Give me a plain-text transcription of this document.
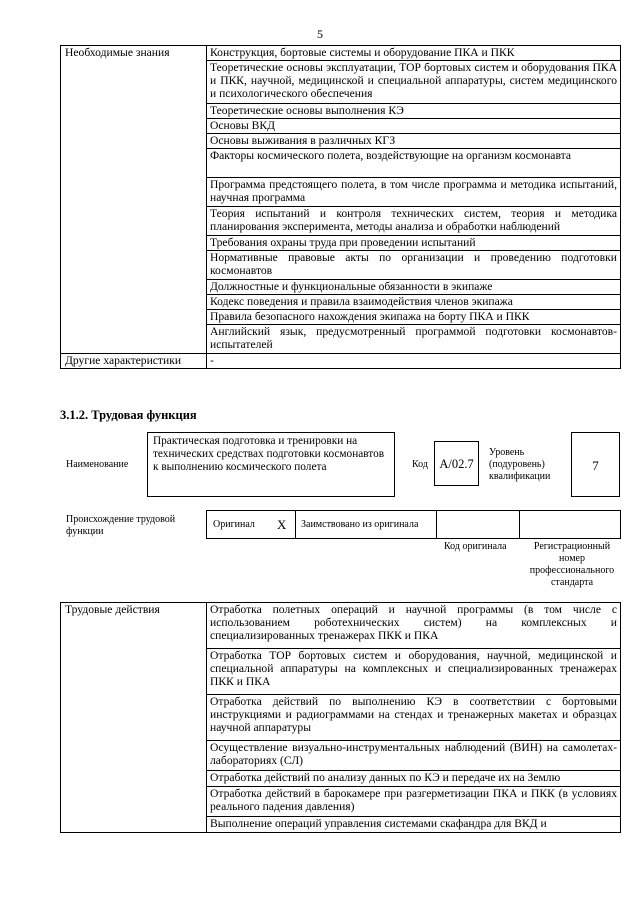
5
Необходимые знания	Конструкция, бортовые системы и оборудование ПКА и ПКК
	Теоретические основы эксплуатации, ТОР бортовых систем и оборудования ПКА и ПКК, научной, медицинской и специальной аппаратуры, систем медицинского и психологического обеспечения
	Теоретические основы выполнения КЭ
	Основы ВКД
	Основы выживания в различных КГЗ
	Факторы космического полета, воздействующие на организм космонавта
	Программа предстоящего полета, в том числе программа и методика испытаний, научная программа
	Теория испытаний и контроля технических систем, теория и методика планирования эксперимента, методы анализа и обработки наблюдений
	Требования охраны труда при проведении испытаний
	Нормативные правовые акты по организации и проведению подготовки космонавтов
	Должностные и функциональные обязанности в экипаже
	Кодекс поведения и правила взаимодействия членов экипажа
	Правила безопасного нахождения экипажа на борту ПКА и ПКК
	Английский язык, предусмотренный программой подготовки космонавтов-испытателей
Другие характеристики	-
3.1.2. Трудовая функция
Наименование
Практическая подготовка и тренировки на технических средствах подготовки космонавтов к выполнению космического полета	Код А/02.7
Уровень (подуровень) квалификации
7
Происхождение трудовой функции
Оригинал X Заимствовано из оригинала
Код оригинала	Регистрационный номер профессионального стандарта
Трудовые действия	Отработка полетных операций и научной программы (в том числе с использованием роботехнических систем) на комплексных и специализированных тренажерах ПКК и ПКА
Отработка ТОР бортовых систем и оборудования, научной, медицинской и специальной аппаратуры на комплексных и специализированных тренажерах ПКК и ПКА
Отработка действий по выполнению КЭ в соответствии с бортовыми инструкциями и радиограммами на стендах и тренажерных макетах и образцах научной аппаратуры
Осуществление визуально-инструментальных наблюдений (ВИН) на самолетах-лабораториях (СЛ)
Отработка действий по анализу данных по КЭ и передаче их на Землю
Отработка действий в барокамере при разгерметизации ПКА и ПКК (в условиях реального падения давления)
Выполнение операций управления системами скафандра для ВКД и
